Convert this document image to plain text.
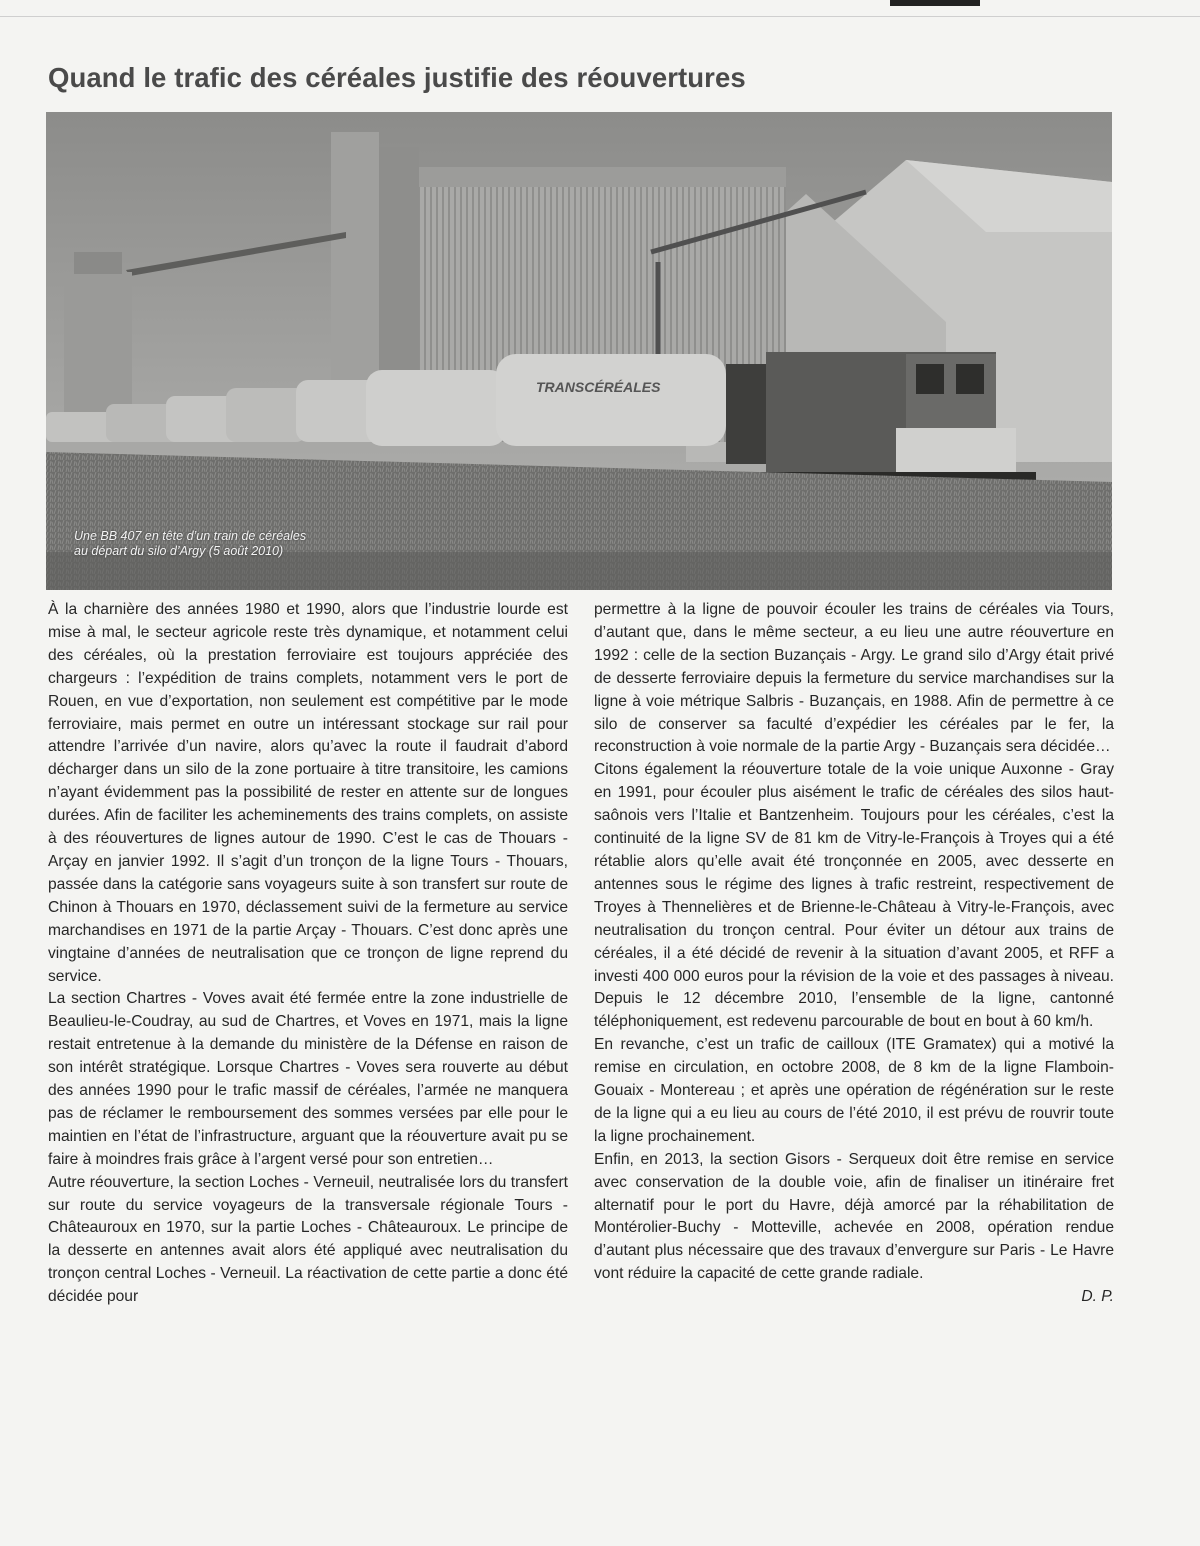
Quand le trafic des céréales justifie des réouvertures
TRANSCÉRÉALES
Une BB 407 en tête d’un train de céréales
au départ du silo d’Argy (5 août 2010)

À la charnière des années 1980 et 1990, alors que l’industrie lourde est mise à mal, le secteur agricole reste très dynamique, et notamment celui des céréales, où la prestation ferroviaire est toujours appréciée des chargeurs : l’expédition de trains complets, notamment vers le port de Rouen, en vue d’exportation, non seulement est compétitive par le mode ferroviaire, mais permet en outre un intéressant stockage sur rail pour attendre l’arrivée d’un navire, alors qu’avec la route il faudrait d’abord décharger dans un silo de la zone portuaire à titre transitoire, les camions n’ayant évidemment pas la possibilité de rester en attente sur de longues durées. Afin de faciliter les acheminements des trains complets, on assiste à des réouvertures de lignes autour de 1990. C’est le cas de Thouars - Arçay en janvier 1992. Il s’agit d’un tronçon de la ligne Tours - Thouars, passée dans la catégorie sans voyageurs suite à son transfert sur route de Chinon à Thouars en 1970, déclassement suivi de la fermeture au service marchandises en 1971 de la partie Arçay - Thouars. C’est donc après une vingtaine d’années de neutralisation que ce tronçon de ligne reprend du service.

La section Chartres - Voves avait été fermée entre la zone industrielle de Beaulieu-le-Coudray, au sud de Chartres, et Voves en 1971, mais la ligne restait entretenue à la demande du ministère de la Défense en raison de son intérêt stratégique. Lorsque Chartres - Voves sera rouverte au début des années 1990 pour le trafic massif de céréales, l’armée ne manquera pas de réclamer le remboursement des sommes versées par elle pour le maintien en l’état de l’infrastructure, arguant que la réouverture avait pu se faire à moindres frais grâce à l’argent versé pour son entretien…

Autre réouverture, la section Loches - Verneuil, neutralisée lors du transfert sur route du service voyageurs de la transversale régionale Tours - Châteauroux en 1970, sur la partie Loches - Châteauroux. Le principe de la desserte en antennes avait alors été appliqué avec neutralisation du tronçon central Loches - Verneuil. La réactivation de cette partie a donc été décidée pour

permettre à la ligne de pouvoir écouler les trains de céréales via Tours, d’autant que, dans le même secteur, a eu lieu une autre réouverture en 1992 : celle de la section Buzançais - Argy. Le grand silo d’Argy était privé de desserte ferroviaire depuis la fermeture du service marchandises sur la ligne à voie métrique Salbris - Buzançais, en 1988. Afin de permettre à ce silo de conserver sa faculté d’expédier les céréales par le fer, la reconstruction à voie normale de la partie Argy - Buzançais sera décidée…

Citons également la réouverture totale de la voie unique Auxonne - Gray en 1991, pour écouler plus aisément le trafic de céréales des silos haut-saônois vers l’Italie et Bantzenheim. Toujours pour les céréales, c’est la continuité de la ligne SV de 81 km de Vitry-le-François à Troyes qui a été rétablie alors qu’elle avait été tronçonnée en 2005, avec desserte en antennes sous le régime des lignes à trafic restreint, respectivement de Troyes à Thennelières et de Brienne-le-Château à Vitry-le-François, avec neutralisation du tronçon central. Pour éviter un détour aux trains de céréales, il a été décidé de revenir à la situation d’avant 2005, et RFF a investi 400 000 euros pour la révision de la voie et des passages à niveau. Depuis le 12 décembre 2010, l’ensemble de la ligne, cantonné téléphoniquement, est redevenu parcourable de bout en bout à 60 km/h.

En revanche, c’est un trafic de cailloux (ITE Gramatex) qui a motivé la remise en circulation, en octobre 2008, de 8 km de la ligne Flamboin-Gouaix - Montereau ; et après une opération de régénération sur le reste de la ligne qui a eu lieu au cours de l’été 2010, il est prévu de rouvrir toute la ligne prochainement.

Enfin, en 2013, la section Gisors - Serqueux doit être remise en service avec conservation de la double voie, afin de finaliser un itinéraire fret alternatif pour le port du Havre, déjà amorcé par la réhabilitation de Montérolier-Buchy - Motteville, achevée en 2008, opération rendue d’autant plus nécessaire que des travaux d’envergure sur Paris - Le Havre vont réduire la capacité de cette grande radiale.

D. P.
